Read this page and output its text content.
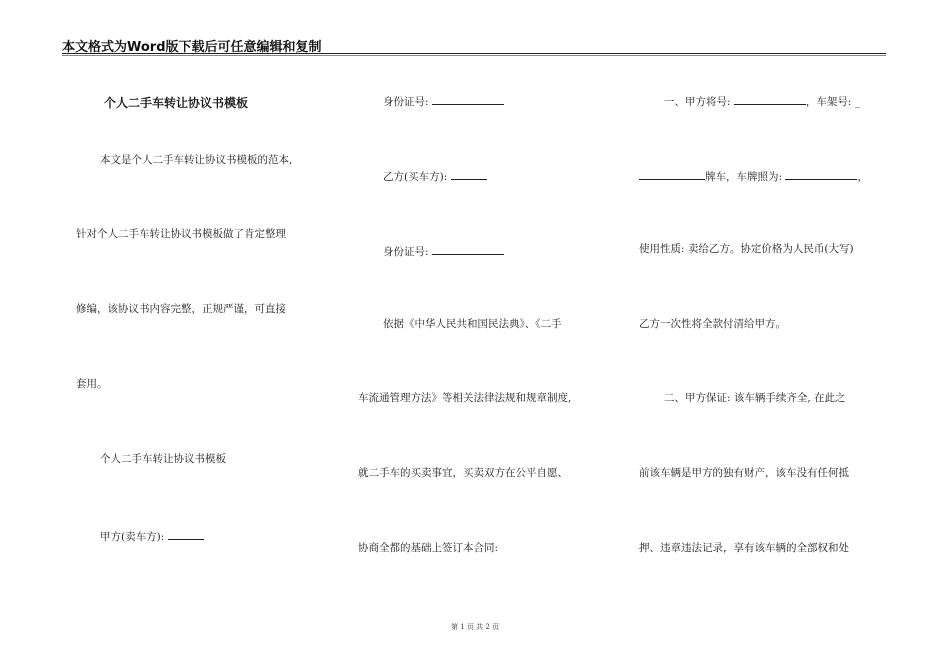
本文格式为Word版下载后可任意编辑和复制
个人二手车转让协议书模板
本文是个人二手车转让协议书模板的范本,
针对个人二手车转让协议书模板做了肯定整理
修编，该协议书内容完整，正规严谨，可直接
套用。
个人二手车转让协议书模板
甲方(卖车方):
身份证号:
乙方(买车方):
身份证号:
依据《中华人民共和国民法典》、《二手
车流通管理方法》等相关法律法规和规章制度,
就二手车的买卖事宜，买卖双方在公平自愿、
协商全都的基础上签订本合同:
一、甲方将号:	，车架号: _
牌车，车牌照为:	，
使用性质: 卖给乙方。协定价格为人民币(大写)
乙方一次性将全款付清给甲方。
二、甲方保证: 该车辆手续齐全, 在此之
前该车辆是甲方的独有财产，该车没有任何抵
押、违章违法记录，享有该车辆的全部权和处
第 1 页 共 2 页
